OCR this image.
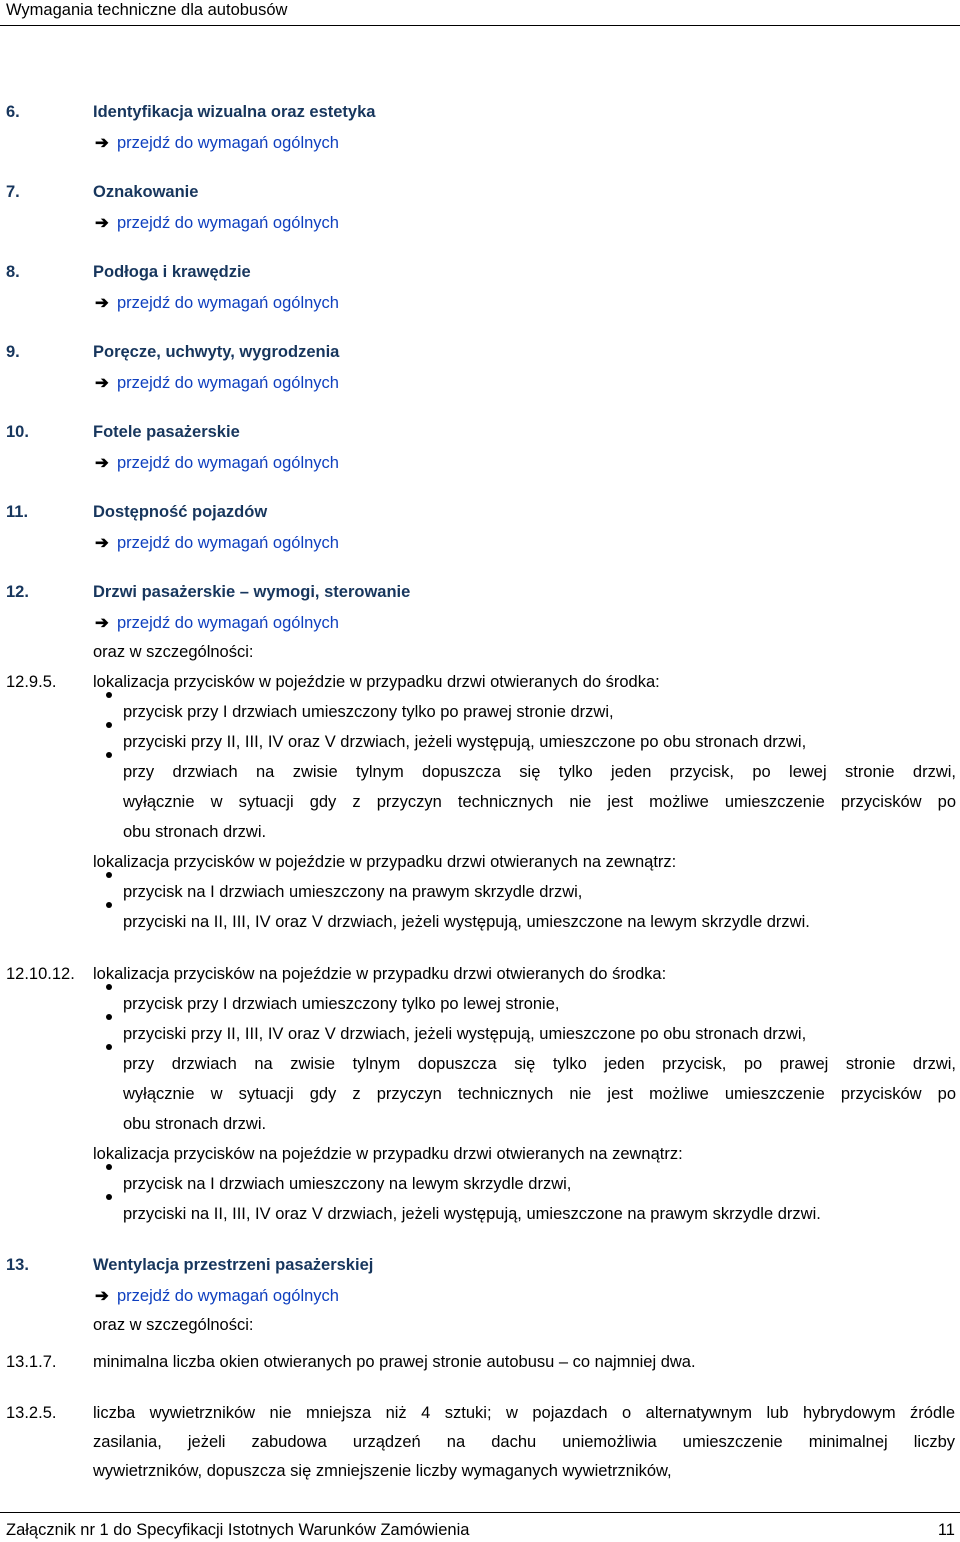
Wymagania techniczne dla autobusów
6.	Identyfikacja wizualna oraz estetyka
➔ przejdź do wymagań ogólnych
7.	Oznakowanie
➔ przejdź do wymagań ogólnych
8.	Podłoga i krawędzie
➔ przejdź do wymagań ogólnych
9.	Poręcze, uchwyty, wygrodzenia
➔ przejdź do wymagań ogólnych
10.	Fotele pasażerskie
➔ przejdź do wymagań ogólnych
11.	Dostępność pojazdów
➔ przejdź do wymagań ogólnych
12.	Drzwi pasażerskie – wymogi, sterowanie
➔ przejdź do wymagań ogólnych
oraz w szczególności:
12.9.5. lokalizacja przycisków w pojeździe w przypadku drzwi otwieranych do środka:
przycisk przy I drzwiach umieszczony tylko po prawej stronie drzwi,
przyciski przy II, III, IV oraz V drzwiach, jeżeli występują, umieszczone po obu stronach drzwi,
przy drzwiach na zwisie tylnym dopuszcza się tylko jeden przycisk, po lewej stronie drzwi,
wyłącznie w sytuacji gdy z przyczyn technicznych nie jest możliwe umieszczenie przycisków po
obu stronach drzwi.
lokalizacja przycisków w pojeździe w przypadku drzwi otwieranych na zewnątrz:
przycisk na I drzwiach umieszczony na prawym skrzydle drzwi,
przyciski na II, III, IV oraz V drzwiach, jeżeli występują, umieszczone na lewym skrzydle drzwi.
12.10.12. lokalizacja przycisków na pojeździe w przypadku drzwi otwieranych do środka:
przycisk przy I drzwiach umieszczony tylko po lewej stronie,
przyciski przy II, III, IV oraz V drzwiach, jeżeli występują, umieszczone po obu stronach drzwi,
przy drzwiach na zwisie tylnym dopuszcza się tylko jeden przycisk, po prawej stronie drzwi,
wyłącznie w sytuacji gdy z przyczyn technicznych nie jest możliwe umieszczenie przycisków po
obu stronach drzwi.
lokalizacja przycisków na pojeździe w przypadku drzwi otwieranych na zewnątrz:
przycisk na I drzwiach umieszczony na lewym skrzydle drzwi,
przyciski na II, III, IV oraz V drzwiach, jeżeli występują, umieszczone na prawym skrzydle drzwi.
13.	Wentylacja przestrzeni pasażerskiej
➔ przejdź do wymagań ogólnych
oraz w szczególności:
13.1.7. minimalna liczba okien otwieranych po prawej stronie autobusu – co najmniej dwa.
13.2.5. liczba wywietrzników nie mniejsza niż 4 sztuki; w pojazdach o alternatywnym lub hybrydowym źródle
zasilania, jeżeli zabudowa urządzeń na dachu uniemożliwia umieszczenie minimalnej liczby
wywietrzników, dopuszcza się zmniejszenie liczby wymaganych wywietrzników,
Załącznik nr 1 do Specyfikacji Istotnych Warunków Zamówienia	11
